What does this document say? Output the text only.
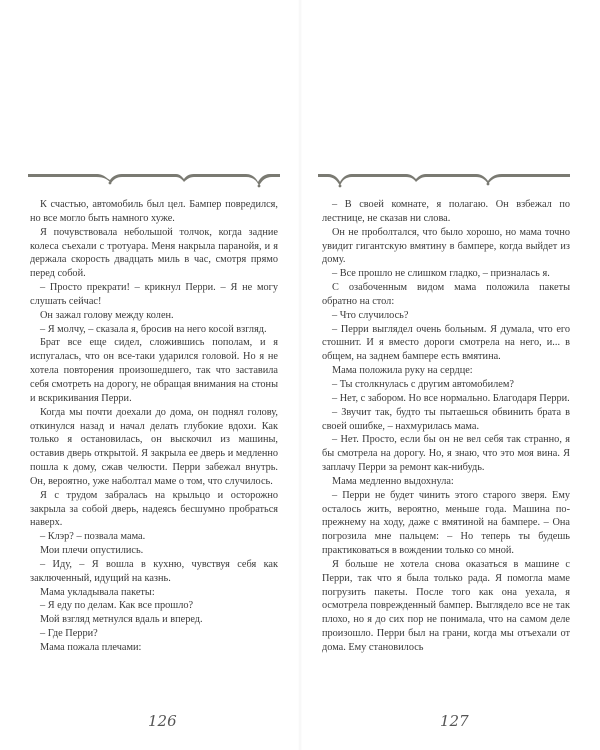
К счастью, автомобиль был цел. Бампер повредился, но все могло быть намного хуже.

Я почувствовала небольшой толчок, когда задние колеса съехали с тротуара. Меня накрыла паранойя, и я держала скорость двадцать миль в час, смотря прямо перед собой.

– Просто прекрати! – крикнул Перри. – Я не могу слушать сейчас!

Он зажал голову между колен.

– Я молчу, – сказала я, бросив на него косой взгляд.

Брат все еще сидел, сложившись пополам, и я испугалась, что он все-таки ударился головой. Но я не хотела повторения произошедшего, так что заставила себя смотреть на дорогу, не обращая внимания на стоны и вскрикивания Перри.

Когда мы почти доехали до дома, он поднял голову, откинулся назад и начал делать глубокие вдохи. Как только я остановилась, он выскочил из машины, оставив дверь открытой. Я закрыла ее дверь и медленно пошла к дому, сжав челюсти. Перри забежал внутрь. Он, вероятно, уже наболтал маме о том, что случилось.

Я с трудом забралась на крыльцо и осторожно закрыла за собой дверь, надеясь бесшумно пробраться наверх.

– Клэр? – позвала мама.

Мои плечи опустились.

– Иду, – Я вошла в кухню, чувствуя себя как заключенный, идущий на казнь.

Мама укладывала пакеты:

– Я еду по делам. Как все прошло?

Мой взгляд метнулся вдаль и вперед.

– Где Перри?

Мама пожала плечами:

126

– В своей комнате, я полагаю. Он взбежал по лестнице, не сказав ни слова.

Он не проболтался, что было хорошо, но мама точно увидит гигантскую вмятину в бампере, когда выйдет из дому.

– Все прошло не слишком гладко, – призналась я.

С озабоченным видом мама положила пакеты обратно на стол:

– Что случилось?

– Перри выглядел очень больным. Я думала, что его стошнит. И я вместо дороги смотрела на него, и... в общем, на заднем бампере есть вмятина.

Мама положила руку на сердце:

– Ты столкнулась с другим автомобилем?

– Нет, с забором. Но все нормально. Благодаря Перри.

– Звучит так, будто ты пытаешься обвинить брата в своей ошибке, – нахмурилась мама.

– Нет. Просто, если бы он не вел себя так странно, я бы смотрела на дорогу. Но, я знаю, что это моя вина. Я заплачу Перри за ремонт как-нибудь.

Мама медленно выдохнула:

– Перри не будет чинить этого старого зверя. Ему осталось жить, вероятно, меньше года. Машина по-прежнему на ходу, даже с вмятиной на бампере. – Она погрозила мне пальцем: – Но теперь ты будешь практиковаться в вождении только со мной.

Я больше не хотела снова оказаться в машине с Перри, так что я была только рада. Я помогла маме погрузить пакеты. После того как она уехала, я осмотрела поврежденный бампер. Выглядело все не так плохо, но я до сих пор не понимала, что на самом деле произошло. Перри был на грани, когда мы отъехали от дома. Ему становилось

127
